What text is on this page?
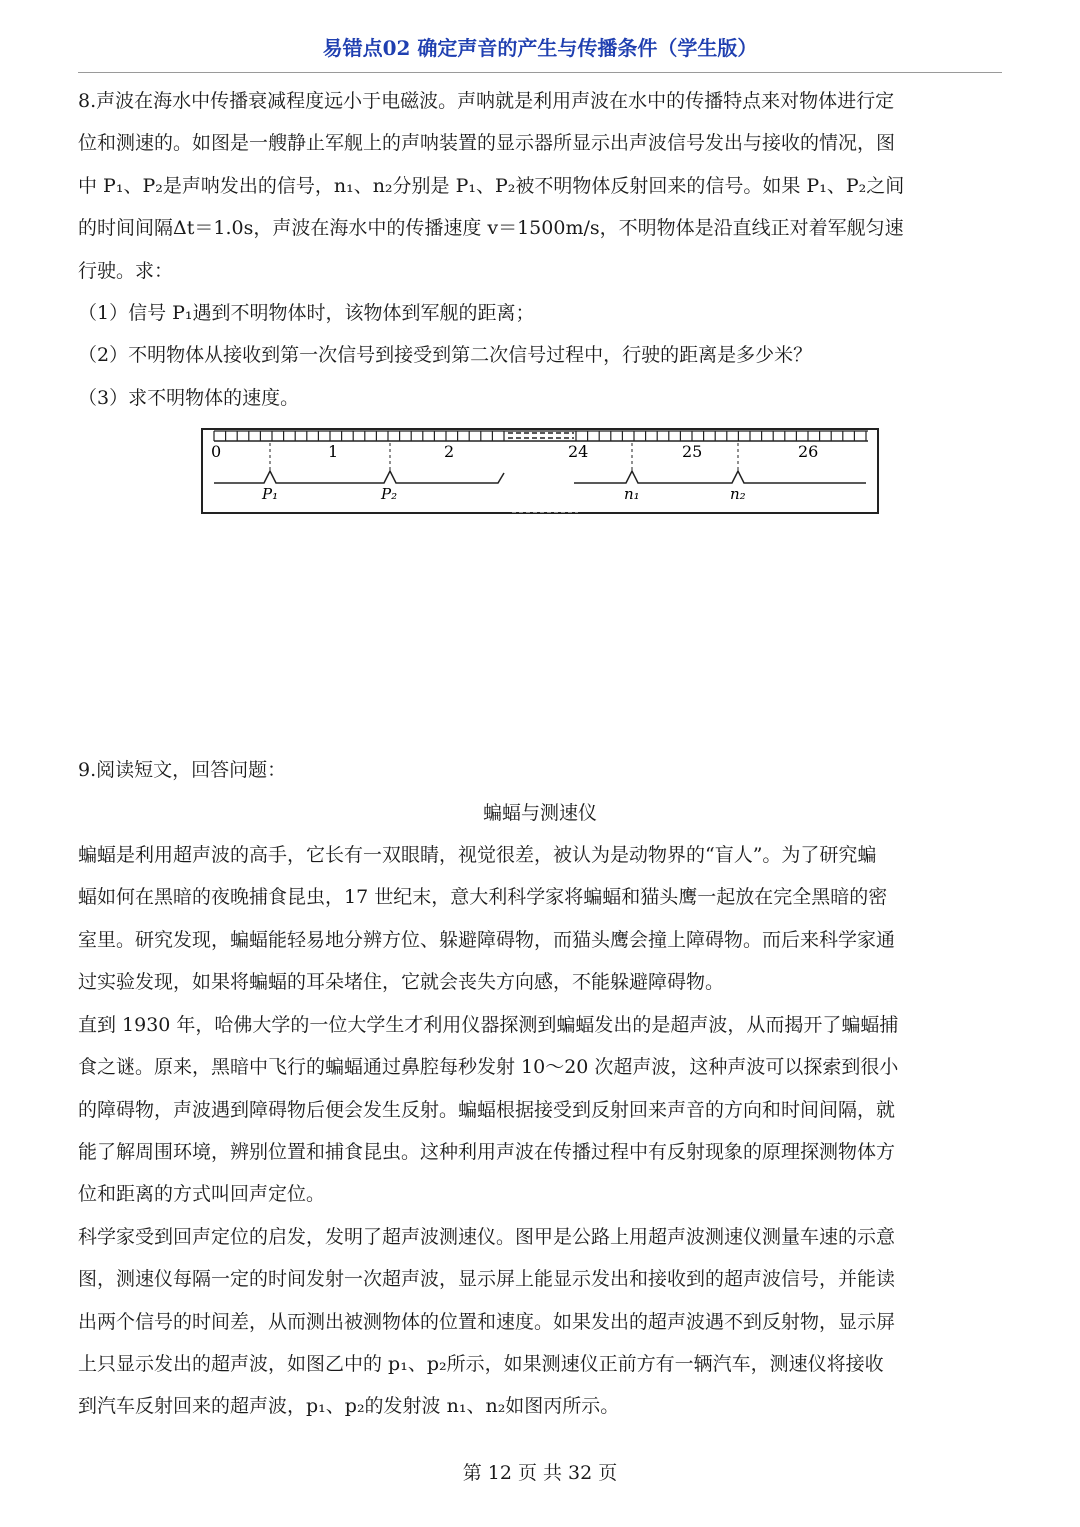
易错点02 确定声音的产生与传播条件（学生版）

8.声波在海水中传播衰减程度远小于电磁波。声呐就是利用声波在水中的传播特点来对物体进行定

位和测速的。如图是一艘静止军舰上的声呐装置的显示器所显示出声波信号发出与接收的情况，图

中 P₁、P₂是声呐发出的信号，n₁、n₂分别是 P₁、P₂被不明物体反射回来的信号。如果 P₁、P₂之间

的时间间隔Δt＝1.0s，声波在海水中的传播速度 v＝1500m/s，不明物体是沿直线正对着军舰匀速

行驶。求：

（1）信号 P₁遇到不明物体时，该物体到军舰的距离；

（2）不明物体从接收到第一次信号到接受到第二次信号过程中，行驶的距离是多少米？

（3）求不明物体的速度。

0	1	2	24	25	26
P₁	P₂	n₁	n₂

9.阅读短文，回答问题：

蝙蝠与测速仪

蝙蝠是利用超声波的高手，它长有一双眼睛，视觉很差，被认为是动物界的“盲人”。为了研究蝙

蝠如何在黑暗的夜晚捕食昆虫，17 世纪末，意大利科学家将蝙蝠和猫头鹰一起放在完全黑暗的密

室里。研究发现，蝙蝠能轻易地分辨方位、躲避障碍物，而猫头鹰会撞上障碍物。而后来科学家通

过实验发现，如果将蝙蝠的耳朵堵住，它就会丧失方向感，不能躲避障碍物。

直到 1930 年，哈佛大学的一位大学生才利用仪器探测到蝙蝠发出的是超声波，从而揭开了蝙蝠捕

食之谜。原来，黑暗中飞行的蝙蝠通过鼻腔每秒发射 10～20 次超声波，这种声波可以探索到很小

的障碍物，声波遇到障碍物后便会发生反射。蝙蝠根据接受到反射回来声音的方向和时间间隔，就

能了解周围环境，辨别位置和捕食昆虫。这种利用声波在传播过程中有反射现象的原理探测物体方

位和距离的方式叫回声定位。

科学家受到回声定位的启发，发明了超声波测速仪。图甲是公路上用超声波测速仪测量车速的示意

图，测速仪每隔一定的时间发射一次超声波，显示屏上能显示发出和接收到的超声波信号，并能读

出两个信号的时间差，从而测出被测物体的位置和速度。如果发出的超声波遇不到反射物，显示屏

上只显示发出的超声波，如图乙中的 p₁、p₂所示，如果测速仪正前方有一辆汽车，测速仪将接收

到汽车反射回来的超声波，p₁、p₂的发射波 n₁、n₂如图丙所示。

第 12 页 共 32 页
